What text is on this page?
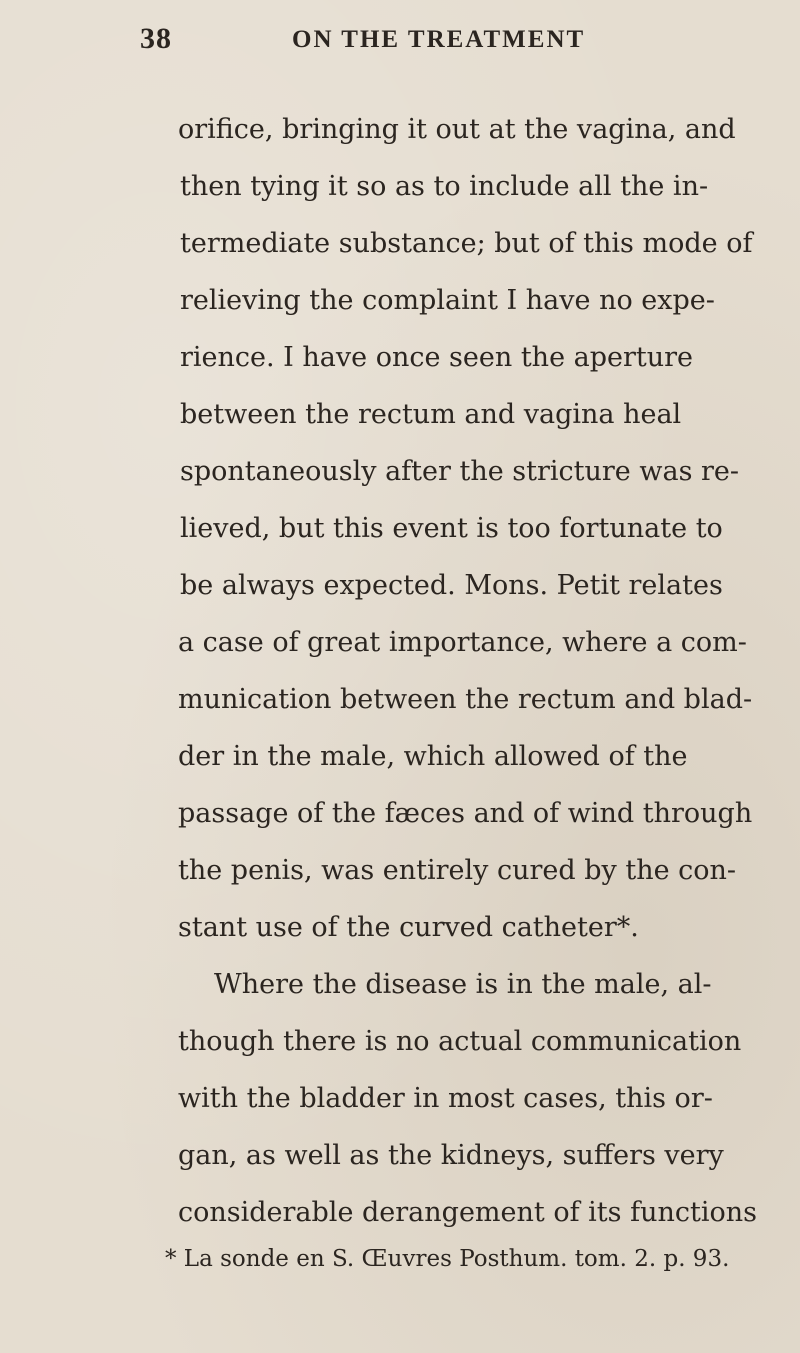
38	ON THE TREATMENT
orifice, bringing it out at the vagina, and
then tying it so as to include all the in-
termediate substance; but of this mode of
relieving the complaint I have no expe-
rience. I have once seen the aperture
between the rectum and vagina heal
spontaneously after the stricture was re-
lieved, but this event is too fortunate to
be always expected. Mons. Petit relates
a case of great importance, where a com-
munication between the rectum and blad-
der in the male, which allowed of the
passage of the fæces and of wind through
the penis, was entirely cured by the con-
stant use of the curved catheter*.
Where the disease is in the male, al-
though there is no actual communication
with the bladder in most cases, this or-
gan, as well as the kidneys, suffers very
considerable derangement of its functions
* La sonde en S. Œuvres Posthum. tom. 2. p. 93.
